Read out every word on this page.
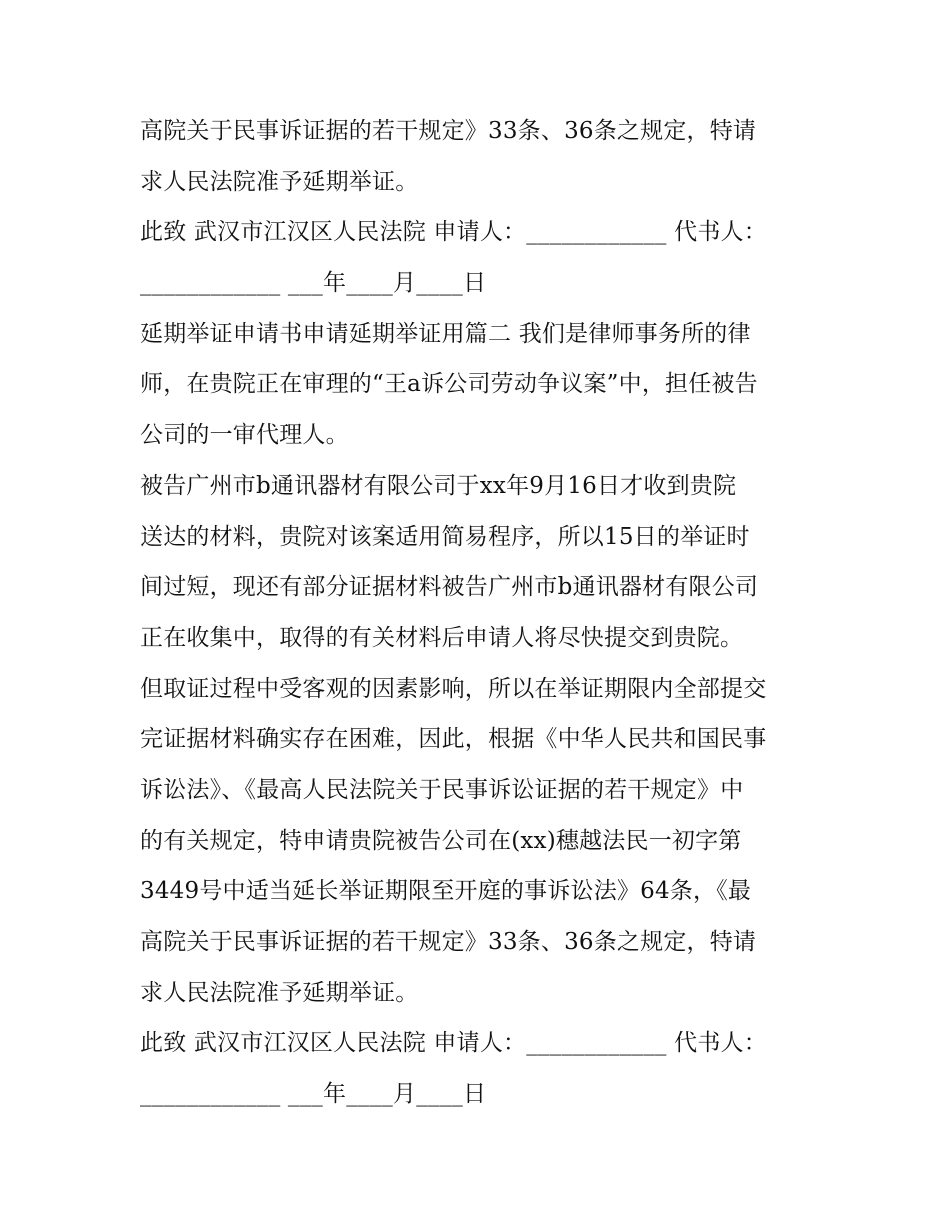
高院关于民事诉证据的若干规定》33条、36条之规定，特请
求人民法院准予延期举证。
此致 武汉市江汉区人民法院 申请人：____________ 代书人：
____________ ___年____月____日
延期举证申请书申请延期举证用篇二 我们是律师事务所的律
师，在贵院正在审理的“王a诉公司劳动争议案”中，担任被告
公司的一审代理人。
被告广州市b通讯器材有限公司于xx年9月16日才收到贵院
送达的材料，贵院对该案适用简易程序，所以15日的举证时
间过短，现还有部分证据材料被告广州市b通讯器材有限公司
正在收集中，取得的有关材料后申请人将尽快提交到贵院。
但取证过程中受客观的因素影响，所以在举证期限内全部提交
完证据材料确实存在困难，因此，根据《中华人民共和国民事
诉讼法》、《最高人民法院关于民事诉讼证据的若干规定》中
的有关规定，特申请贵院被告公司在(xx)穗越法民一初字第
3449号中适当延长举证期限至开庭的事诉讼法》64条，《最
高院关于民事诉证据的若干规定》33条、36条之规定，特请
求人民法院准予延期举证。
此致 武汉市江汉区人民法院 申请人：____________ 代书人：
____________ ___年____月____日
